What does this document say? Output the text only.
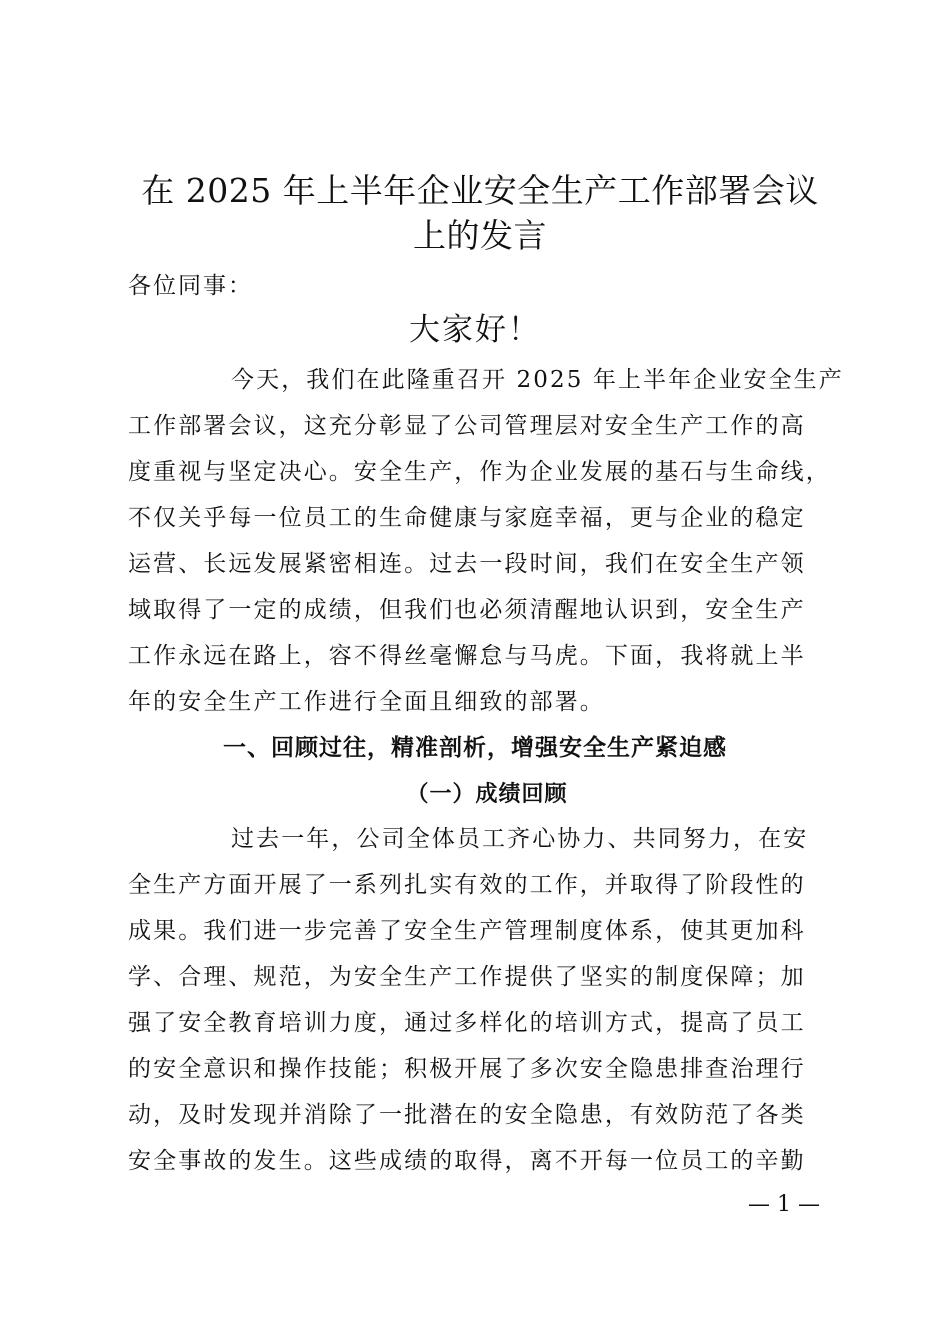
在 2025 年上半年企业安全生产工作部署会议
上的发言
各位同事：
大家好！
今天，我们在此隆重召开 2025 年上半年企业安全生产
工作部署会议，这充分彰显了公司管理层对安全生产工作的高
度重视与坚定决心。安全生产，作为企业发展的基石与生命线，
不仅关乎每一位员工的生命健康与家庭幸福，更与企业的稳定
运营、长远发展紧密相连。过去一段时间，我们在安全生产领
域取得了一定的成绩，但我们也必须清醒地认识到，安全生产
工作永远在路上，容不得丝毫懈怠与马虎。下面，我将就上半
年的安全生产工作进行全面且细致的部署。
一、回顾过往，精准剖析，增强安全生产紧迫感
（一）成绩回顾
过去一年，公司全体员工齐心协力、共同努力，在安
全生产方面开展了一系列扎实有效的工作，并取得了阶段性的
成果。我们进一步完善了安全生产管理制度体系，使其更加科
学、合理、规范，为安全生产工作提供了坚实的制度保障；加
强了安全教育培训力度，通过多样化的培训方式，提高了员工
的安全意识和操作技能；积极开展了多次安全隐患排查治理行
动，及时发现并消除了一批潜在的安全隐患，有效防范了各类
安全事故的发生。这些成绩的取得，离不开每一位员工的辛勤
— 1 —
